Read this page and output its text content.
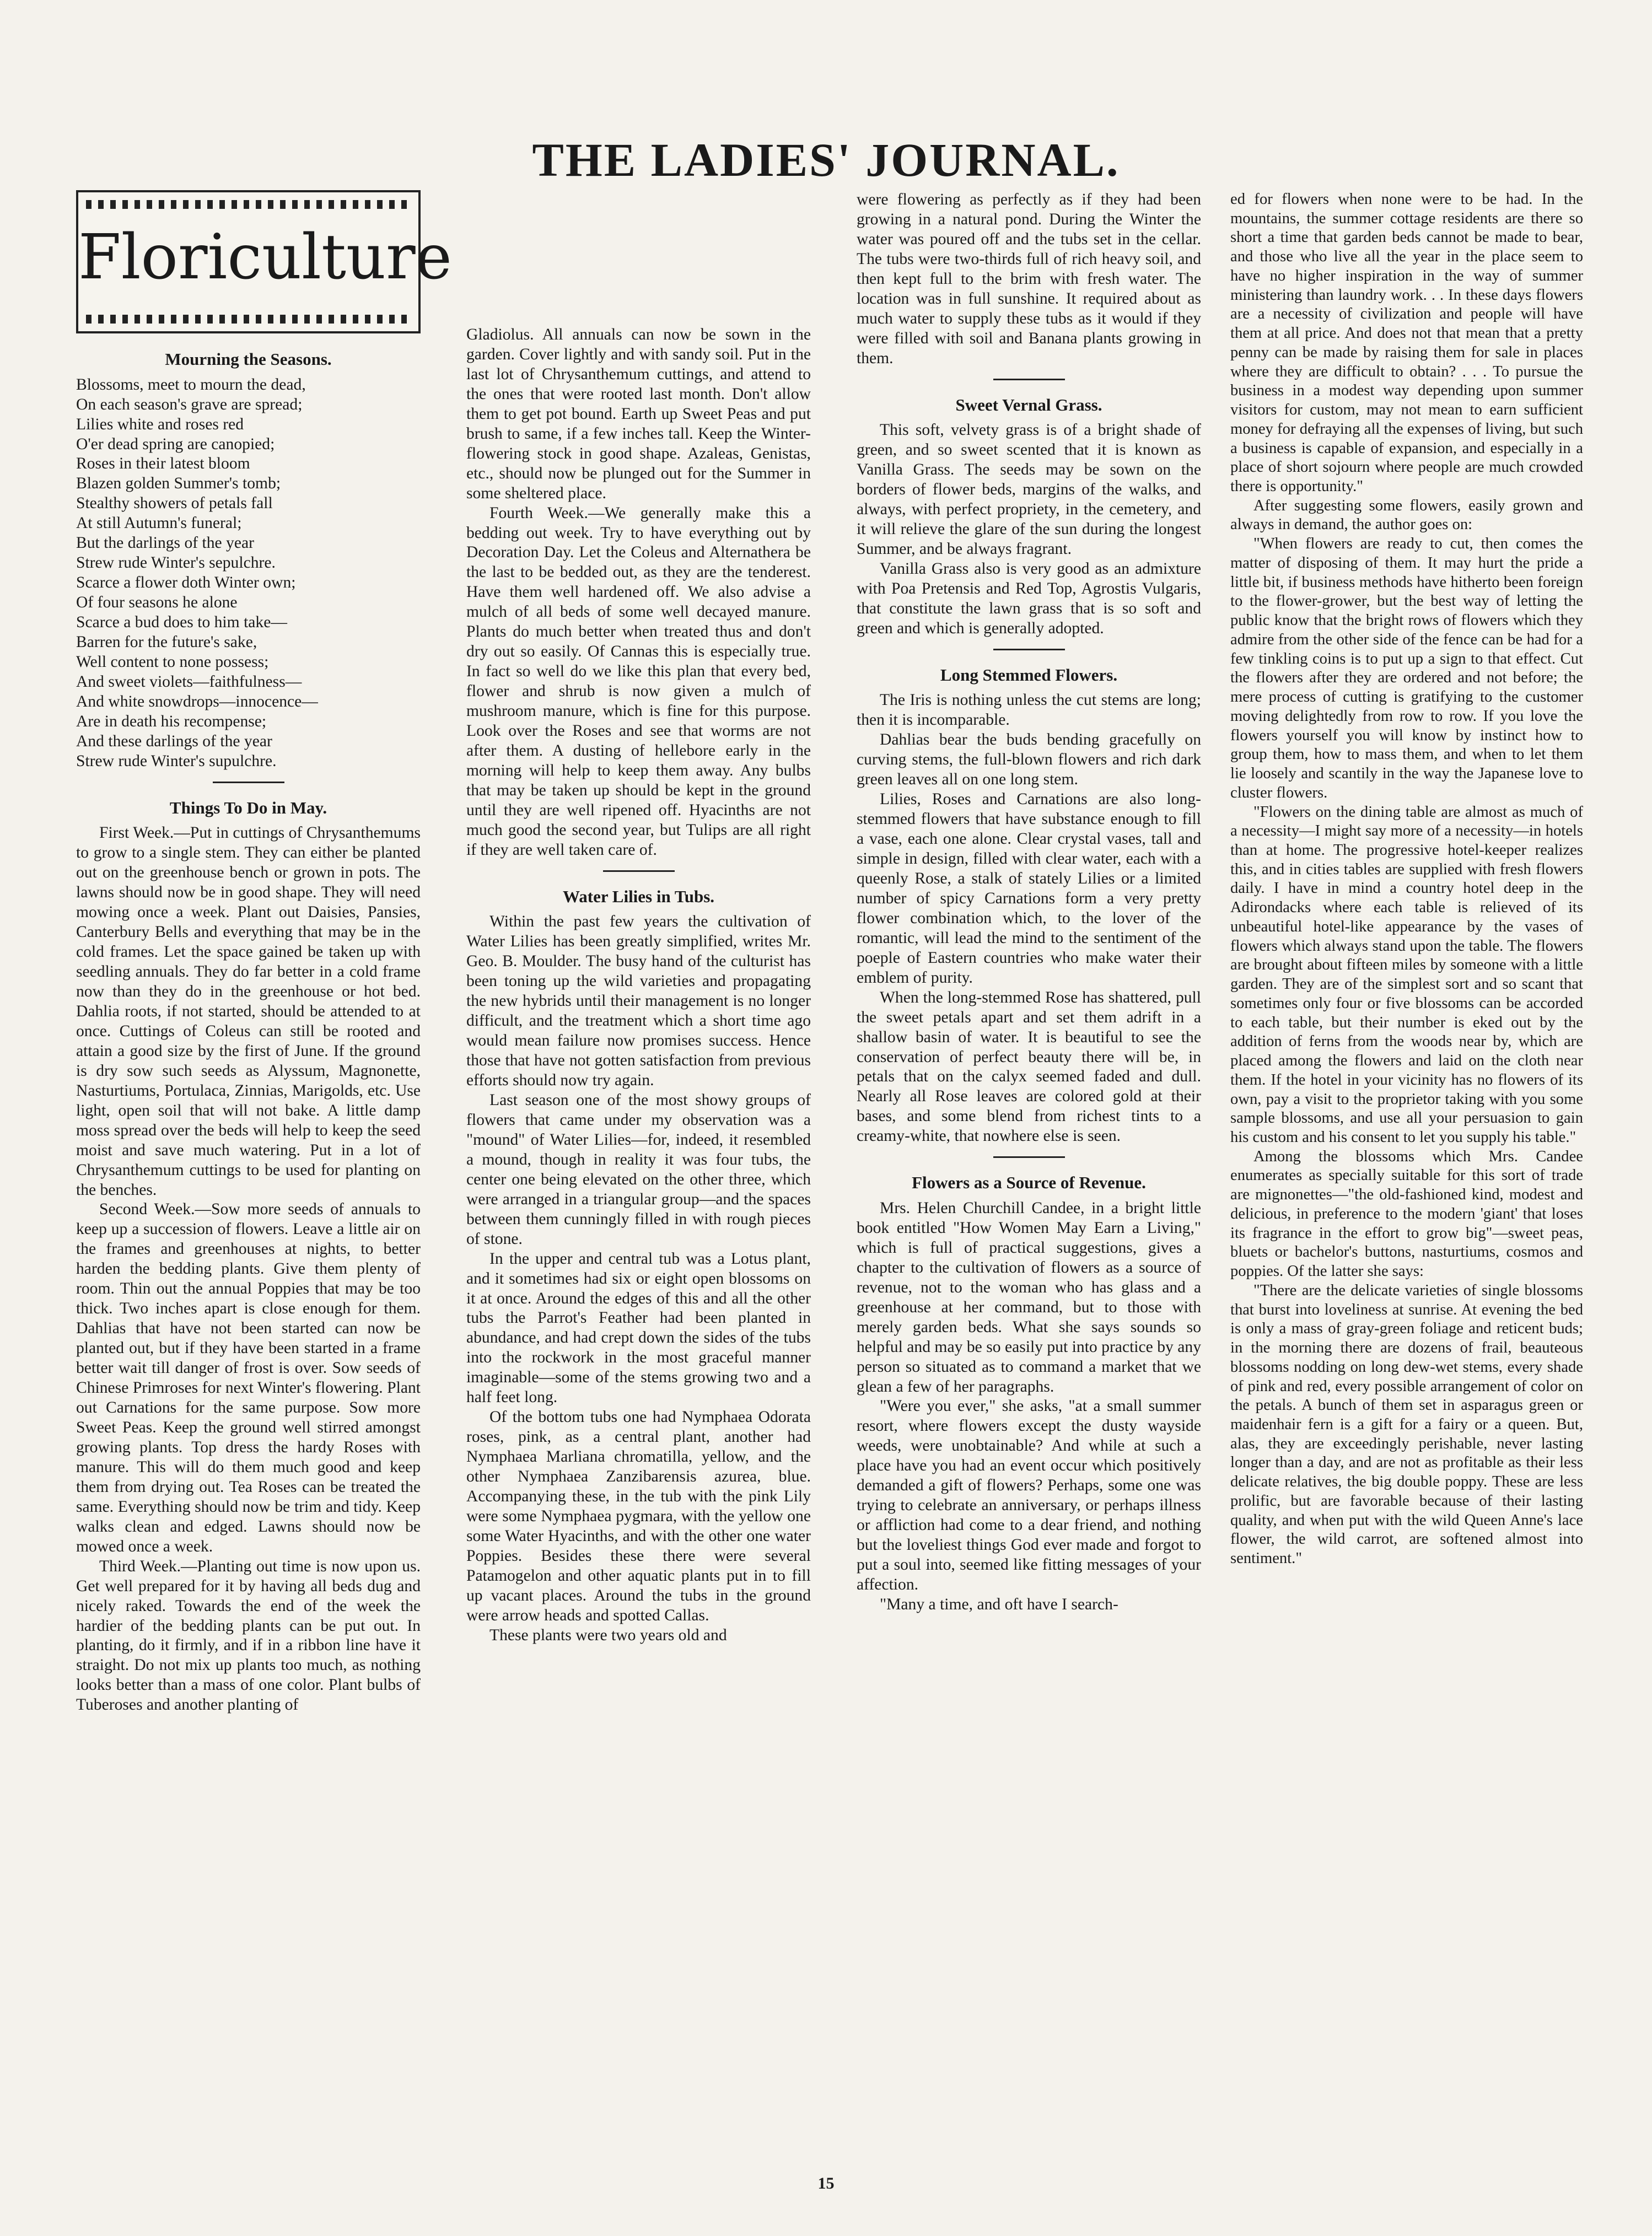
THE LADIES' JOURNAL.
Floriculture
Mourning the Seasons.
Blossoms, meet to mourn the dead,
On each season's grave are spread;
Lilies white and roses red
O'er dead spring are canopied;
Roses in their latest bloom
Blazen golden Summer's tomb;
Stealthy showers of petals fall
At still Autumn's funeral;
But the darlings of the year
Strew rude Winter's sepulchre.
Scarce a flower doth Winter own;
Of four seasons he alone
Scarce a bud does to him take—
Barren for the future's sake,
Well content to none possess;
And sweet violets—faithfulness—
And white snowdrops—innocence—
Are in death his recompense;
And these darlings of the year
Strew rude Winter's supulchre.
Things To Do in May.

First Week.—Put in cuttings of Chrysanthemums to grow to a single stem. They can either be planted out on the greenhouse bench or grown in pots. The lawns should now be in good shape. They will need mowing once a week. Plant out Daisies, Pansies, Canterbury Bells and everything that may be in the cold frames. Let the space gained be taken up with seedling annuals. They do far better in a cold frame now than they do in the greenhouse or hot bed. Dahlia roots, if not started, should be attended to at once. Cuttings of Coleus can still be rooted and attain a good size by the first of June. If the ground is dry sow such seeds as Alyssum, Magnonette, Nasturtiums, Portulaca, Zinnias, Marigolds, etc. Use light, open soil that will not bake. A little damp moss spread over the beds will help to keep the seed moist and save much watering. Put in a lot of Chrysanthemum cuttings to be used for planting on the benches.

Second Week.—Sow more seeds of annuals to keep up a succession of flowers. Leave a little air on the frames and greenhouses at nights, to better harden the bedding plants. Give them plenty of room. Thin out the annual Poppies that may be too thick. Two inches apart is close enough for them. Dahlias that have not been started can now be planted out, but if they have been started in a frame better wait till danger of frost is over. Sow seeds of Chinese Primroses for next Winter's flowering. Plant out Carnations for the same purpose. Sow more Sweet Peas. Keep the ground well stirred amongst growing plants. Top dress the hardy Roses with manure. This will do them much good and keep them from drying out. Tea Roses can be treated the same. Everything should now be trim and tidy. Keep walks clean and edged. Lawns should now be mowed once a week.

Third Week.—Planting out time is now upon us. Get well prepared for it by having all beds dug and nicely raked. Towards the end of the week the hardier of the bedding plants can be put out. In planting, do it firmly, and if in a ribbon line have it straight. Do not mix up plants too much, as nothing looks better than a mass of one color. Plant bulbs of Tuberoses and another planting of

Gladiolus. All annuals can now be sown in the garden. Cover lightly and with sandy soil. Put in the last lot of Chrysanthemum cuttings, and attend to the ones that were rooted last month. Don't allow them to get pot bound. Earth up Sweet Peas and put brush to same, if a few inches tall. Keep the Winter-flowering stock in good shape. Azaleas, Genistas, etc., should now be plunged out for the Summer in some sheltered place.

Fourth Week.—We generally make this a bedding out week. Try to have everything out by Decoration Day. Let the Coleus and Alternathera be the last to be bedded out, as they are the tenderest. Have them well hardened off. We also advise a mulch of all beds of some well decayed manure. Plants do much better when treated thus and don't dry out so easily. Of Cannas this is especially true. In fact so well do we like this plan that every bed, flower and shrub is now given a mulch of mushroom manure, which is fine for this purpose. Look over the Roses and see that worms are not after them. A dusting of hellebore early in the morning will help to keep them away. Any bulbs that may be taken up should be kept in the ground until they are well ripened off. Hyacinths are not much good the second year, but Tulips are all right if they are well taken care of.

Water Lilies in Tubs.

Within the past few years the cultivation of Water Lilies has been greatly simplified, writes Mr. Geo. B. Moulder. The busy hand of the culturist has been toning up the wild varieties and propagating the new hybrids until their management is no longer difficult, and the treatment which a short time ago would mean failure now promises success. Hence those that have not gotten satisfaction from previous efforts should now try again.

Last season one of the most showy groups of flowers that came under my observation was a "mound" of Water Lilies—for, indeed, it resembled a mound, though in reality it was four tubs, the center one being elevated on the other three, which were arranged in a triangular group—and the spaces between them cunningly filled in with rough pieces of stone.

In the upper and central tub was a Lotus plant, and it sometimes had six or eight open blossoms on it at once. Around the edges of this and all the other tubs the Parrot's Feather had been planted in abundance, and had crept down the sides of the tubs into the rockwork in the most graceful manner imaginable—some of the stems growing two and a half feet long.

Of the bottom tubs one had Nymphaea Odorata roses, pink, as a central plant, another had Nymphaea Marliana chromatilla, yellow, and the other Nymphaea Zanzibarensis azurea, blue. Accompanying these, in the tub with the pink Lily were some Nymphaea pygmara, with the yellow one some Water Hyacinths, and with the other one water Poppies. Besides these there were several Patamogelon and other aquatic plants put in to fill up vacant places. Around the tubs in the ground were arrow heads and spotted Callas.

These plants were two years old and

were flowering as perfectly as if they had been growing in a natural pond. During the Winter the water was poured off and the tubs set in the cellar. The tubs were two-thirds full of rich heavy soil, and then kept full to the brim with fresh water. The location was in full sunshine. It required about as much water to supply these tubs as it would if they were filled with soil and Banana plants growing in them.

Sweet Vernal Grass.

This soft, velvety grass is of a bright shade of green, and so sweet scented that it is known as Vanilla Grass. The seeds may be sown on the borders of flower beds, margins of the walks, and always, with perfect propriety, in the cemetery, and it will relieve the glare of the sun during the longest Summer, and be always fragrant.

Vanilla Grass also is very good as an admixture with Poa Pretensis and Red Top, Agrostis Vulgaris, that constitute the lawn grass that is so soft and green and which is generally adopted.

Long Stemmed Flowers.

The Iris is nothing unless the cut stems are long; then it is incomparable.

Dahlias bear the buds bending gracefully on curving stems, the full-blown flowers and rich dark green leaves all on one long stem.

Lilies, Roses and Carnations are also long-stemmed flowers that have substance enough to fill a vase, each one alone. Clear crystal vases, tall and simple in design, filled with clear water, each with a queenly Rose, a stalk of stately Lilies or a limited number of spicy Carnations form a very pretty flower combination which, to the lover of the romantic, will lead the mind to the sentiment of the poeple of Eastern countries who make water their emblem of purity.

When the long-stemmed Rose has shattered, pull the sweet petals apart and set them adrift in a shallow basin of water. It is beautiful to see the conservation of perfect beauty there will be, in petals that on the calyx seemed faded and dull. Nearly all Rose leaves are colored gold at their bases, and some blend from richest tints to a creamy-white, that nowhere else is seen.

Flowers as a Source of Revenue.

Mrs. Helen Churchill Candee, in a bright little book entitled "How Women May Earn a Living," which is full of practical suggestions, gives a chapter to the cultivation of flowers as a source of revenue, not to the woman who has glass and a greenhouse at her command, but to those with merely garden beds. What she says sounds so helpful and may be so easily put into practice by any person so situated as to command a market that we glean a few of her paragraphs.

"Were you ever," she asks, "at a small summer resort, where flowers except the dusty wayside weeds, were unobtainable? And while at such a place have you had an event occur which positively demanded a gift of flowers? Perhaps, some one was trying to celebrate an anniversary, or perhaps illness or affliction had come to a dear friend, and nothing but the loveliest things God ever made and forgot to put a soul into, seemed like fitting messages of your affection.

"Many a time, and oft have I search-

ed for flowers when none were to be had. In the mountains, the summer cottage residents are there so short a time that garden beds cannot be made to bear, and those who live all the year in the place seem to have no higher inspiration in the way of summer ministering than laundry work. . . In these days flowers are a necessity of civilization and people will have them at all price. And does not that mean that a pretty penny can be made by raising them for sale in places where they are difficult to obtain? . . . To pursue the business in a modest way depending upon summer visitors for custom, may not mean to earn sufficient money for defraying all the expenses of living, but such a business is capable of expansion, and especially in a place of short sojourn where people are much crowded there is opportunity."

After suggesting some flowers, easily grown and always in demand, the author goes on:

"When flowers are ready to cut, then comes the matter of disposing of them. It may hurt the pride a little bit, if business methods have hitherto been foreign to the flower-grower, but the best way of letting the public know that the bright rows of flowers which they admire from the other side of the fence can be had for a few tinkling coins is to put up a sign to that effect. Cut the flowers after they are ordered and not before; the mere process of cutting is gratifying to the customer moving delightedly from row to row. If you love the flowers yourself you will know by instinct how to group them, how to mass them, and when to let them lie loosely and scantily in the way the Japanese love to cluster flowers.

"Flowers on the dining table are almost as much of a necessity—I might say more of a necessity—in hotels than at home. The progressive hotel-keeper realizes this, and in cities tables are supplied with fresh flowers daily. I have in mind a country hotel deep in the Adirondacks where each table is relieved of its unbeautiful hotel-like appearance by the vases of flowers which always stand upon the table. The flowers are brought about fifteen miles by someone with a little garden. They are of the simplest sort and so scant that sometimes only four or five blossoms can be accorded to each table, but their number is eked out by the addition of ferns from the woods near by, which are placed among the flowers and laid on the cloth near them. If the hotel in your vicinity has no flowers of its own, pay a visit to the proprietor taking with you some sample blossoms, and use all your persuasion to gain his custom and his consent to let you supply his table."

Among the blossoms which Mrs. Candee enumerates as specially suitable for this sort of trade are mignonettes—"the old-fashioned kind, modest and delicious, in preference to the modern 'giant' that loses its fragrance in the effort to grow big"—sweet peas, bluets or bachelor's buttons, nasturtiums, cosmos and poppies. Of the latter she says:

"There are the delicate varieties of single blossoms that burst into loveliness at sunrise. At evening the bed is only a mass of gray-green foliage and reticent buds; in the morning there are dozens of frail, beauteous blossoms nodding on long dew-wet stems, every shade of pink and red, every possible arrangement of color on the petals. A bunch of them set in asparagus green or maidenhair fern is a gift for a fairy or a queen. But, alas, they are exceedingly perishable, never lasting longer than a day, and are not as profitable as their less delicate relatives, the big double poppy. These are less prolific, but are favorable because of their lasting quality, and when put with the wild Queen Anne's lace flower, the wild carrot, are softened almost into sentiment."

15
